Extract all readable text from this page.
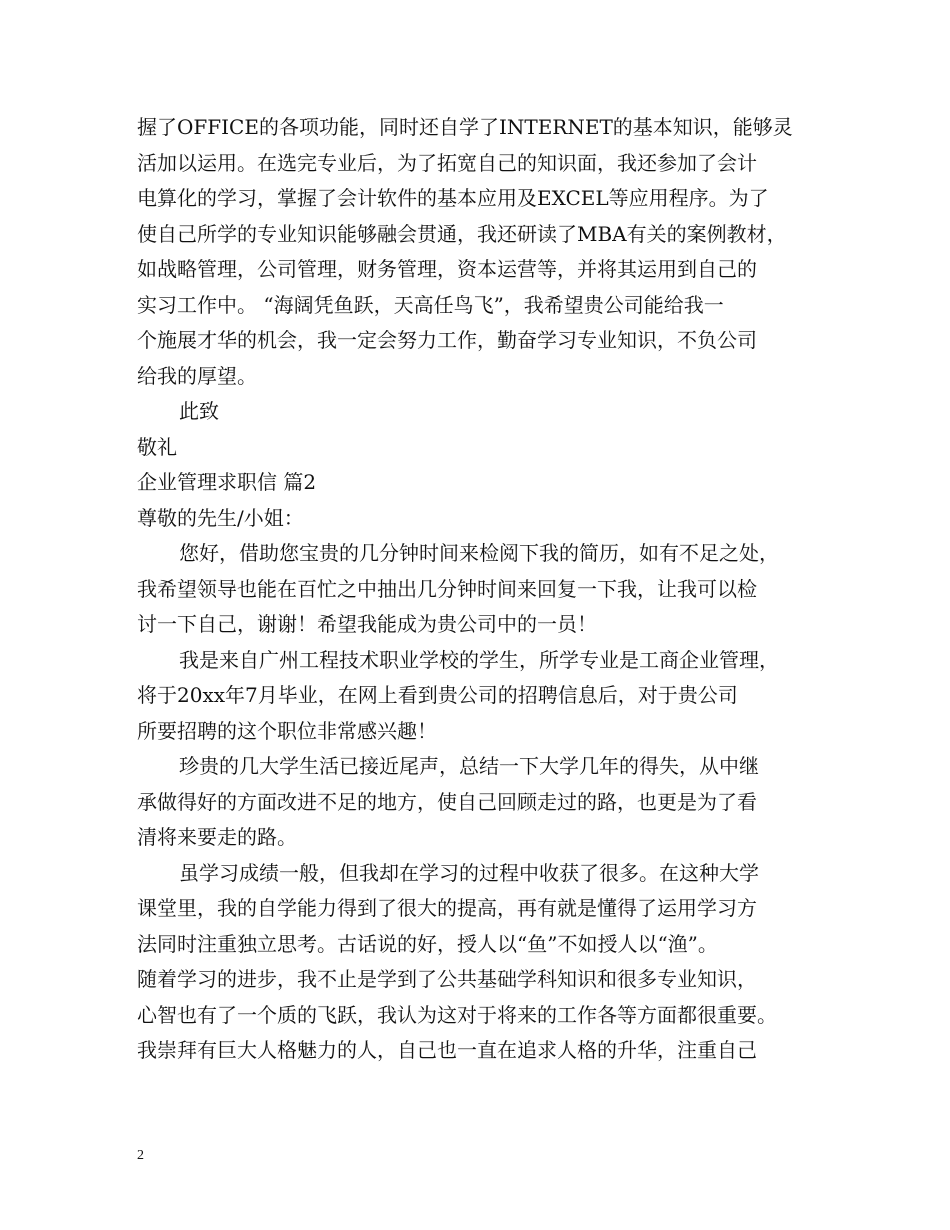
握了OFFICE的各项功能，同时还自学了INTERNET的基本知识，能够灵
活加以运用。在选完专业后，为了拓宽自己的知识面，我还参加了会计
电算化的学习，掌握了会计软件的基本应用及EXCEL等应用程序。为了
使自己所学的专业知识能够融会贯通，我还研读了MBA有关的案例教材，
如战略管理，公司管理，财务管理，资本运营等，并将其运用到自己的
实习工作中。 “海阔凭鱼跃，天高任鸟飞”，我希望贵公司能给我一
个施展才华的机会，我一定会努力工作，勤奋学习专业知识，不负公司
给我的厚望。
此致
敬礼
企业管理求职信 篇2
尊敬的先生/小姐：
您好，借助您宝贵的几分钟时间来检阅下我的简历，如有不足之处，
我希望领导也能在百忙之中抽出几分钟时间来回复一下我，让我可以检
讨一下自己，谢谢！希望我能成为贵公司中的一员！
我是来自广州工程技术职业学校的学生，所学专业是工商企业管理，
将于20xx年7月毕业，在网上看到贵公司的招聘信息后，对于贵公司
所要招聘的这个职位非常感兴趣！
珍贵的几大学生活已接近尾声，总结一下大学几年的得失，从中继
承做得好的方面改进不足的地方，使自己回顾走过的路，也更是为了看
清将来要走的路。
虽学习成绩一般，但我却在学习的过程中收获了很多。在这种大学
课堂里，我的自学能力得到了很大的提高，再有就是懂得了运用学习方
法同时注重独立思考。古话说的好，授人以“鱼”不如授人以“渔”。
随着学习的进步，我不止是学到了公共基础学科知识和很多专业知识，
心智也有了一个质的飞跃，我认为这对于将来的工作各等方面都很重要。
我崇拜有巨大人格魅力的人，自己也一直在追求人格的升华，注重自己
2
